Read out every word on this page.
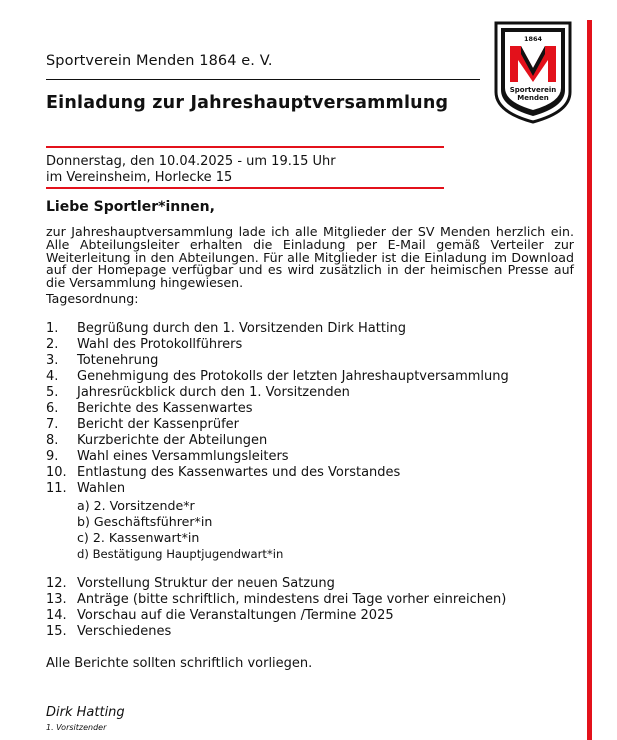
1864
Sportverein
Menden
Sportverein Menden 1864 e. V.
Einladung zur Jahreshauptversammlung
Donnerstag, den 10.04.2025 - um 19.15 Uhr
im Vereinsheim, Horlecke 15
Liebe Sportler*innen,
zur Jahreshauptversammlung lade ich alle Mitglieder der SV Menden herzlich ein. Alle Abteilungsleiter erhalten die Einladung per E-Mail gemäß Verteiler zur Weiterleitung in den Abteilungen. Für alle Mitglieder ist die Einladung im Download auf der Homepage verfügbar und es wird zusätzlich in der heimischen Presse auf die Versammlung hingewiesen.
Tagesordnung:
1. Begrüßung durch den 1. Vorsitzenden Dirk Hatting
2. Wahl des Protokollführers
3. Totenehrung
4. Genehmigung des Protokolls der letzten Jahreshauptversammlung
5. Jahresrückblick durch den 1. Vorsitzenden
6. Berichte des Kassenwartes
7. Bericht der Kassenprüfer
8. Kurzberichte der Abteilungen
9. Wahl eines Versammlungsleiters
10. Entlastung des Kassenwartes und des Vorstandes
11. Wahlen
a) 2. Vorsitzende*r
b) Geschäftsführer*in
c) 2. Kassenwart*in
d) Bestätigung Hauptjugendwart*in
12. Vorstellung Struktur der neuen Satzung
13. Anträge (bitte schriftlich, mindestens drei Tage vorher einreichen)
14. Vorschau auf die Veranstaltungen /Termine 2025
15. Verschiedenes
Alle Berichte sollten schriftlich vorliegen.
Dirk Hatting
1. Vorsitzender
